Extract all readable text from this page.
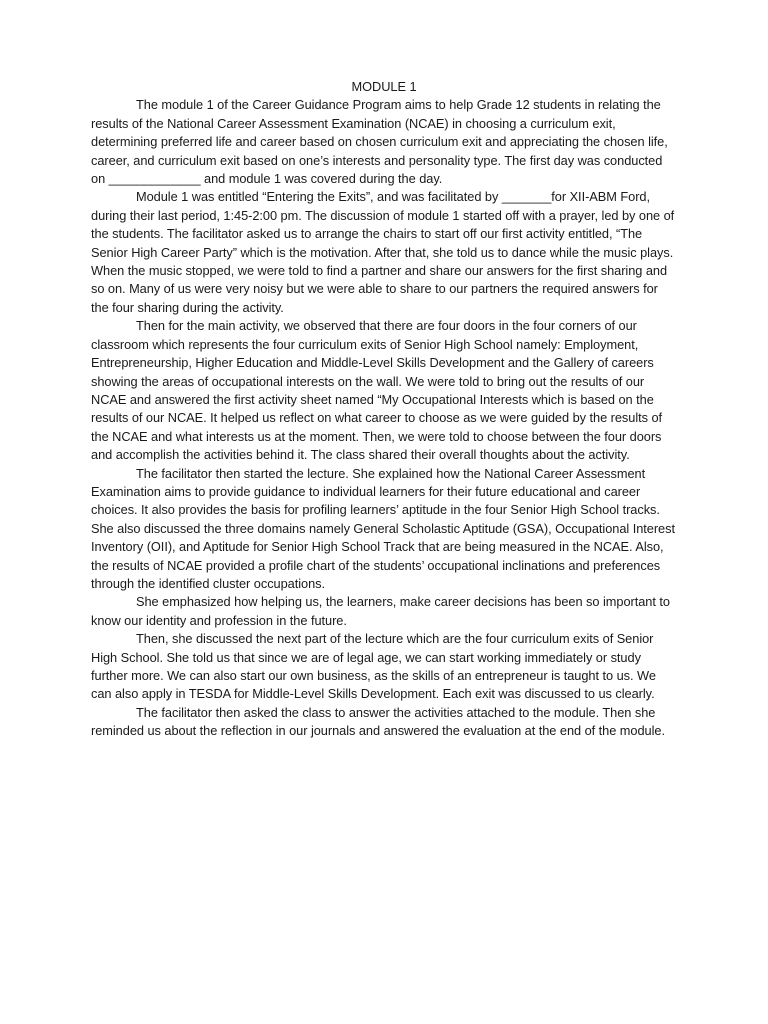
MODULE 1

The module 1 of the Career Guidance Program aims to help Grade 12 students in relating the results of the National Career Assessment Examination (NCAE) in choosing a curriculum exit, determining preferred life and career based on chosen curriculum exit and appreciating the chosen life, career, and curriculum exit based on one’s interests and personality type. The first day was conducted on _____________ and module 1 was covered during the day.

Module 1 was entitled “Entering the Exits”, and was facilitated by _______for XII-ABM Ford, during their last period, 1:45-2:00 pm. The discussion of module 1 started off with a prayer, led by one of the students. The facilitator asked us to arrange the chairs to start off our first activity entitled, “The Senior High Career Party” which is the motivation. After that, she told us to dance while the music plays. When the music stopped, we were told to find a partner and share our answers for the first sharing and so on. Many of us were very noisy but we were able to share to our partners the required answers for the four sharing during the activity.

Then for the main activity, we observed that there are four doors in the four corners of our classroom which represents the four curriculum exits of Senior High School namely: Employment, Entrepreneurship, Higher Education and Middle-Level Skills Development and the Gallery of careers showing the areas of occupational interests on the wall. We were told to bring out the results of our NCAE and answered the first activity sheet named “My Occupational Interests which is based on the results of our NCAE. It helped us reflect on what career to choose as we were guided by the results of the NCAE and what interests us at the moment. Then, we were told to choose between the four doors and accomplish the activities behind it. The class shared their overall thoughts about the activity.

The facilitator then started the lecture. She explained how the National Career Assessment Examination aims to provide guidance to individual learners for their future educational and career choices. It also provides the basis for profiling learners’ aptitude in the four Senior High School tracks. She also discussed the three domains namely General Scholastic Aptitude (GSA), Occupational Interest Inventory (OII), and Aptitude for Senior High School Track that are being measured in the NCAE. Also, the results of NCAE provided a profile chart of the students’ occupational inclinations and preferences through the identified cluster occupations.

She emphasized how helping us, the learners, make career decisions has been so important to know our identity and profession in the future.

Then, she discussed the next part of the lecture which are the four curriculum exits of Senior High School. She told us that since we are of legal age, we can start working immediately or study further more. We can also start our own business, as the skills of an entrepreneur is taught to us. We can also apply in TESDA for Middle-Level Skills Development. Each exit was discussed to us clearly.

The facilitator then asked the class to answer the activities attached to the module. Then she reminded us about the reflection in our journals and answered the evaluation at the end of the module.
